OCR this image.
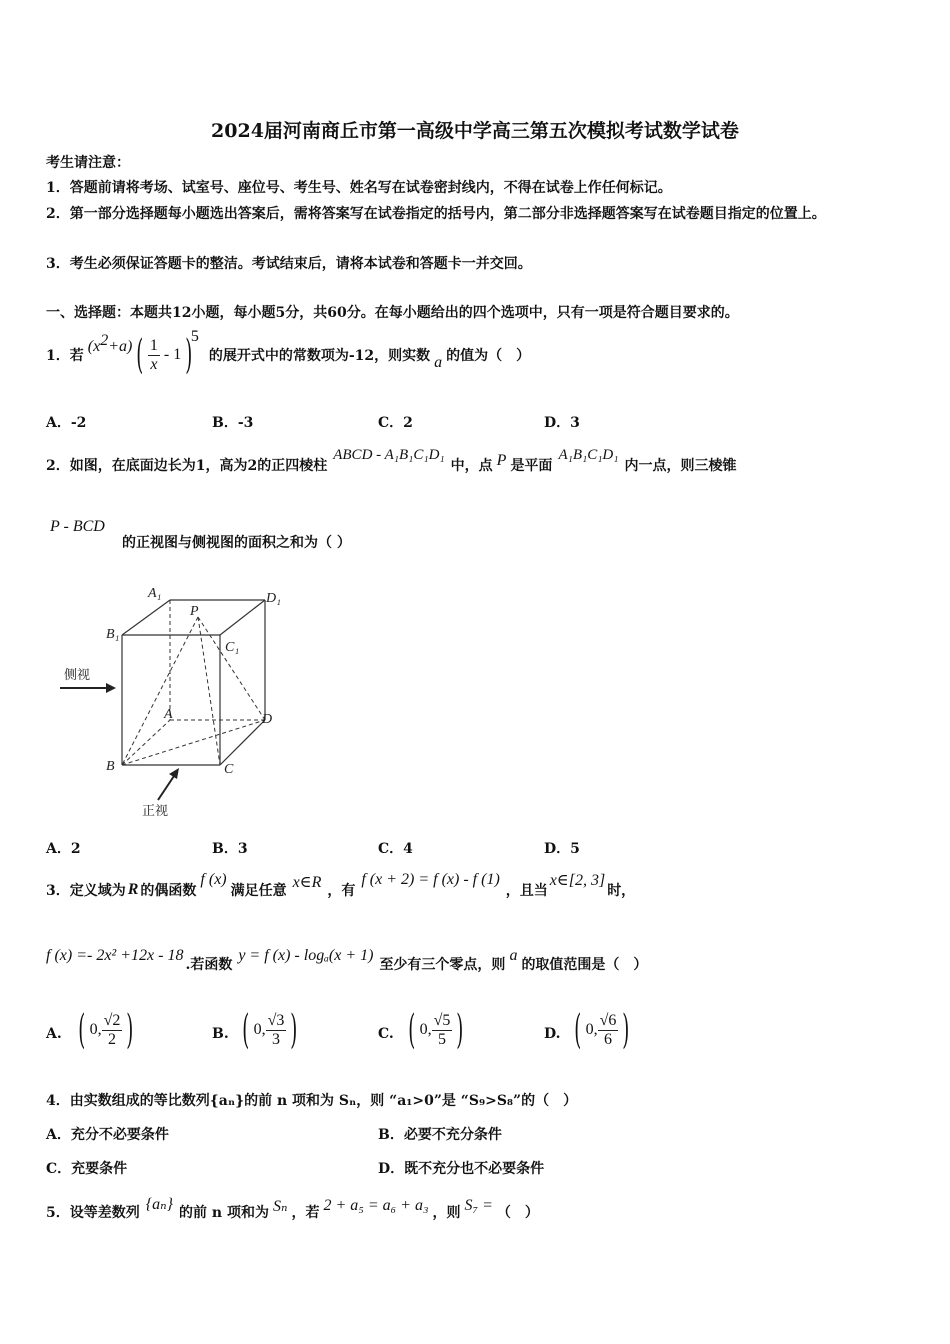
2024届河南商丘市第一高级中学高三第五次模拟考试数学试卷
考生请注意：
1．答题前请将考场、试室号、座位号、考生号、姓名写在试卷密封线内，不得在试卷上作任何标记。
2．第一部分选择题每小题选出答案后，需将答案写在试卷指定的括号内，第二部分非选择题答案写在试卷题目指定的位置上。
3．考生必须保证答题卡的整洁。考试结束后，请将本试卷和答题卡一并交回。
一、选择题：本题共12小题，每小题5分，共60分。在每小题给出的四个选项中，只有一项是符合题目要求的。
1．若
$(x^2 +a)$ ( $\frac{1}{x} - 1$ )
$^5$
的展开式中的常数项为-12，则实数 a 的值为（　）
A．-2	B．-3	C．2	D．3
2．如图，在底面边长为1，高为2的正四棱柱
ABCD - A₁B₁C₁D₁
中，点 P 是平面
A₁B₁C₁D₁
内一点，则三棱锥
P - BCD
的正视图与侧视图的面积之和为（ ）
A₁	D₁
B₁
C₁
P
A	D
B	C
侧视
正视
A．2	B．3	C．4	D．5
3．定义域为 R 的偶函数
f (x)
满足任意 x∈R ，有
f (x + 2) = f (x) - f (1)
，且当
x∈[2, 3]
时，
f (x) =- 2x² +12x - 18
.若函数
y = f (x) - logₐ(x + 1)
至少有三个零点，则
a
的取值范围是（　）
A. ( 0, $\frac{√2}{2}$ )	B. ( 0, $\frac{√3}{3}$ )	C. ( 0, $\frac{√5}{5}$ )	D. ( 0, $\frac{√6}{6}$ )
4．由实数组成的等比数列{aₙ}的前 n 项和为 Sₙ，则 “a₁>0”是 “S₉>S₈”的（　）
A．充分不必要条件	B．必要不充分条件
C．充要条件	D．既不充分也不必要条件
5．设等差数列 {aₙ} 的前 n 项和为 Sₙ ，若 2 + a₅ = a₆ + a₃ ，则 S₇ = （　）
